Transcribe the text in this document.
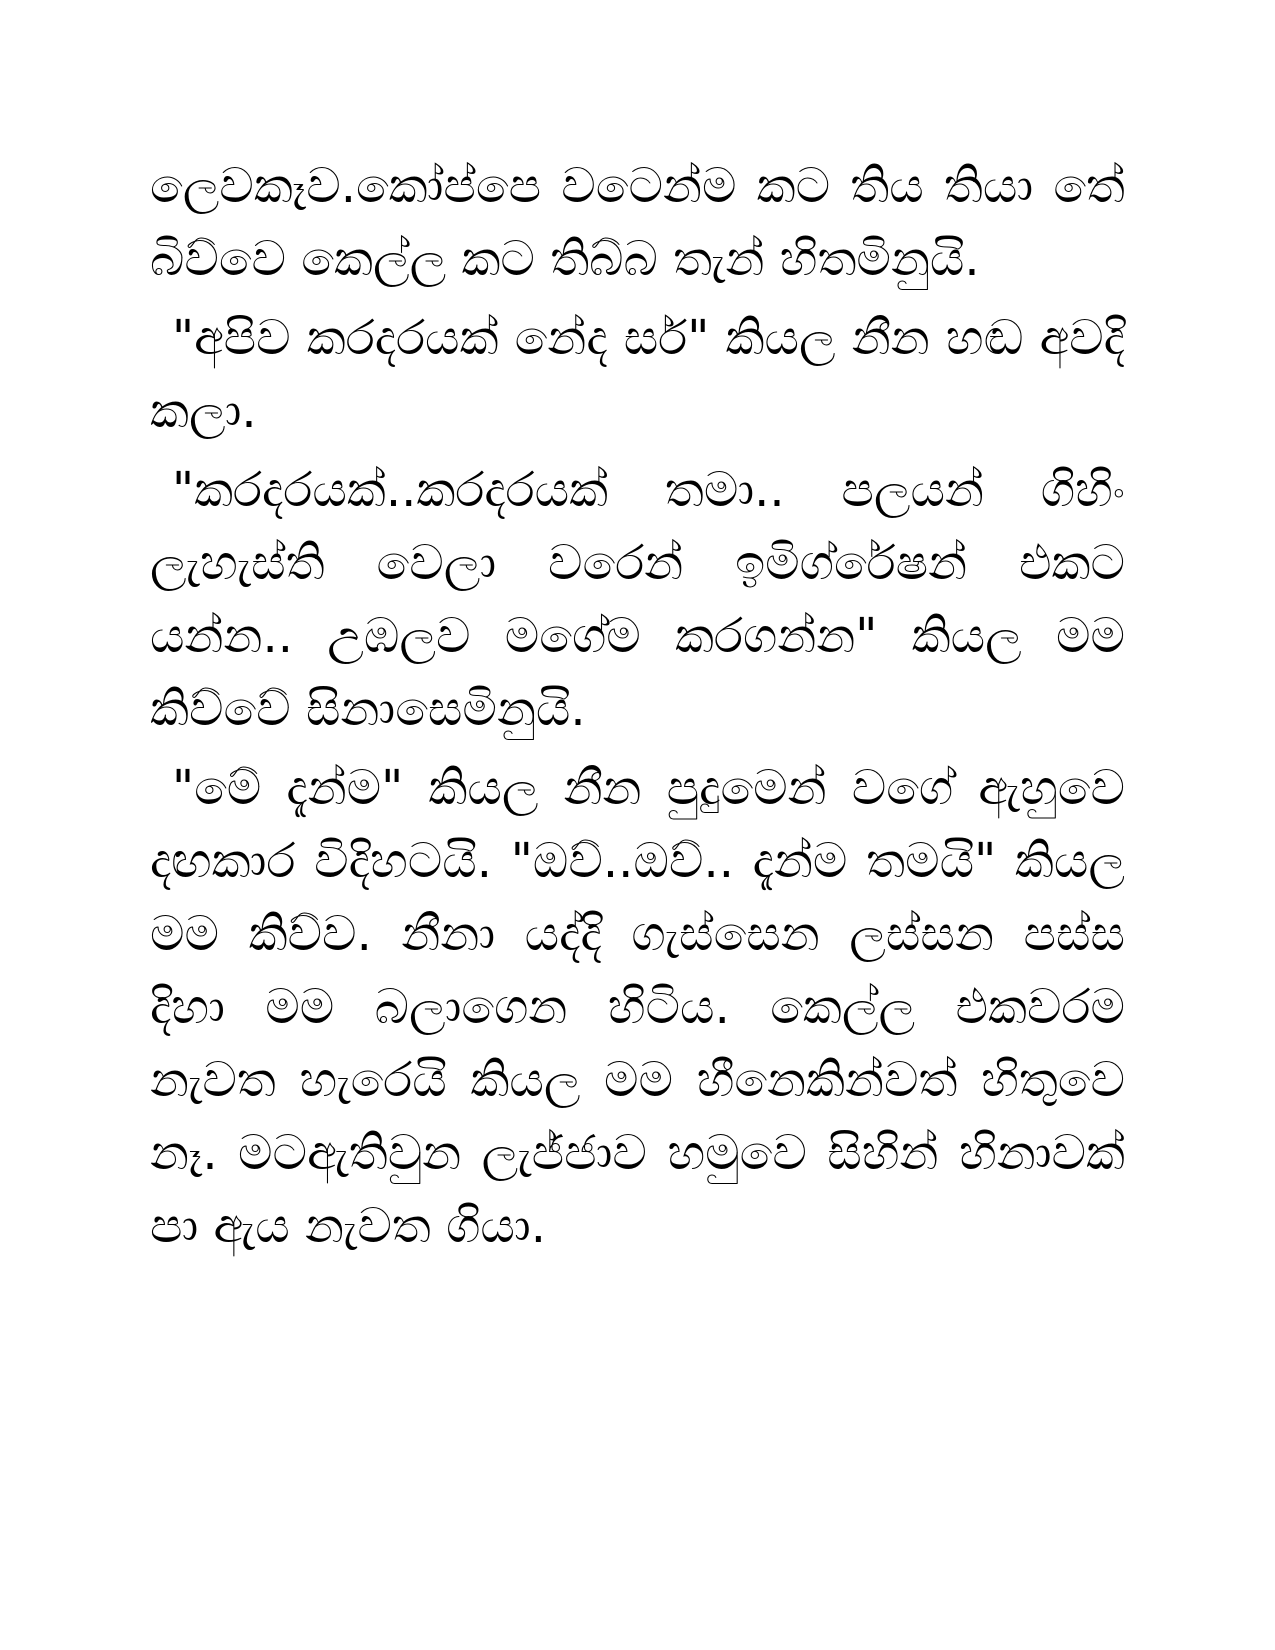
ලෙවකෑව.කෝප්පෙ වටෙන්ම කට තිය තියා තේ බිව්වෙ කෙල්ල කට තිබ්බ තැන් හිතමිනුයි.

"අපිව කරදරයක් නේද සර්" කියල නීන හඬ අවදි කලා.

"කරදරයක්..කරදරයක් තමා.. පලයන් ගිහිං ලැහැස්ති වෙලා වරෙන් ඉමිග්රේෂන් එකට යන්න.. උඹලව මගේම කරගන්න" කියල මම කිව්වේ සිනාසෙමිනුයි.

"මේ දැන්ම" කියල නීන පුදුමෙන් වගේ ඇහුවෙ දඟකාර විදිහටයි. "ඔව්..ඔව්.. දැන්ම තමයි" කියල මම කිව්ව. නීනා යද්දි ගැස්සෙන ලස්සන පස්ස දිහා මම බලාගෙන හිටිය. කෙල්ල එකවරම නැවත හැරෙයි කියල මම හීනෙකින්වත් හිතුවෙ නෑ. මටඇතිවුන ලැජ්ජාව හමුවෙ සිහින් හිනාවක් පා ඇය නැවත ගියා.
